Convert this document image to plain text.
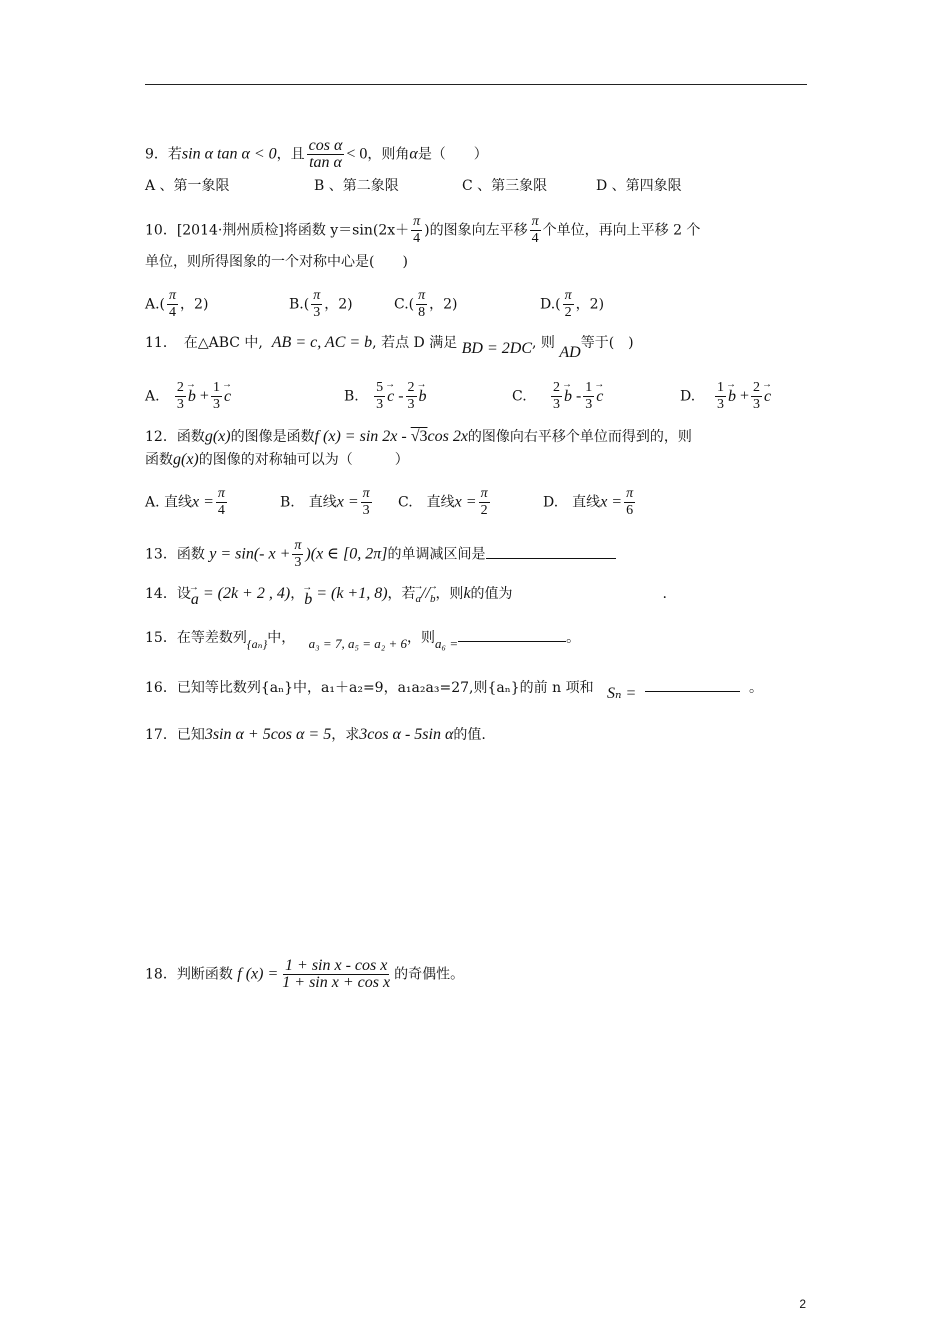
9．若sin α tan α < 0，且 $\frac{\text{cos α}}{\text{tan α}} < 0$，则角α是（　　）
A 、第一象限	B 、第二象限	C 、第三象限	D 、第四象限
10．[2014·荆州质检]将函数 $y=\sin(2x+ \frac{\pi}{4}$ )的图象向左平移 $\frac{\pi}{4}$ 个单位，再向上平移 2 个
单位，则所得图象的一个对称中心是(　　)
$A.( \frac{\pi}{4}$ ，2)	$B.( \frac{\pi}{3}$ ，2)	$C.( \frac{\pi}{8}$ ，2)	$D.( \frac{\pi}{2}$ ，2)
11．　在△ABC 中, AB = c, AC = b, 若点 D 满足 BD = 2DC, 则 AD等于(　)
A. $\frac{2}{3} \to b + \frac{1}{3} \to c$	B. $\frac{5}{3} \to c - \frac{2}{3} \to b$	C. $\frac{2}{3} \to b - \frac{1}{3} \to c$	D. $\frac{1}{3} \to b + \frac{2}{3} \to c$
12．函数g(x)的图像是函数f (x) = sin 2x - √3cos 2x的图像向右平移个单位而得到的，则
函数g(x)的图像的对称轴可以为（　　　）
A. 直线$x = \frac{\pi}{4}$	B.　直线$x = \frac{\pi}{3} C$.　直线$x = \frac{\pi}{2}$	D.　直线$x = \frac{\pi}{6}$
13．函数 y = sin(- $x + \frac{\pi}{3} )(x$ ∈ [0, 2π]的单调减区间是
14．设→ a = (2k + 2 , 4)，→ b = (k +1, 8)，若→ a//→ b，则k的值为	.
15．在等差数列{aₙ}中， a₃ = 7, a₅ = a₂ + 6，则a₆ =	。
16．已知等比数列{aₙ}中，a₁＋a₂=9，a₁a₂a₃=27,则{aₙ}的前 n 项和 Sₙ =	。
17．已知3sin α + 5cos α = 5，求3cos α - 5sin α的值.
18．判断函数 f $(x) = \frac{\text{1 + sin x - cos x}}{\text{1 + sin x + cos x}}$ 的奇偶性。
2
